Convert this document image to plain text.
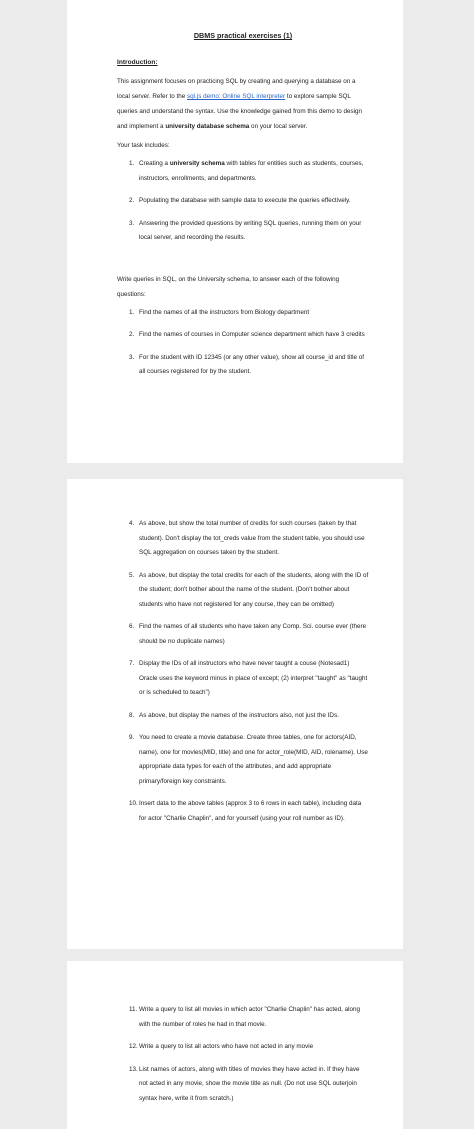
DBMS practical exercises (1)
Introduction:

This assignment focuses on practicing SQL by creating and querying a database on a local server. Refer to the sql.js demo: Online SQL interpreter to explore sample SQL queries and understand the syntax. Use the knowledge gained from this demo to design and implement a university database schema on your local server.

Your task includes:

1. Creating a university schema with tables for entities such as students, courses, instructors, enrollments, and departments.
2. Populating the database with sample data to execute the queries effectively.
3. Answering the provided questions by writing SQL queries, running them on your local server, and recording the results.

Write queries in SQL, on the University schema, to answer each of the following questions:

1. Find the names of all the instructors from Biology department
2. Find the names of courses in Computer science department which have 3 credits
3. For the student with ID 12345 (or any other value), show all course_id and title of all courses registered for by the student.
4. As above, but show the total number of credits for such courses (taken by that student). Don't display the tot_creds value from the student table, you should use SQL aggregation on courses taken by the student.
5. As above, but display the total credits for each of the students, along with the ID of the student; don't bother about the name of the student. (Don't bother about students who have not registered for any course, they can be omitted)
6. Find the names of all students who have taken any Comp. Sci. course ever (there should be no duplicate names)
7. Display the IDs of all instructors who have never taught a couse (Notesad1) Oracle uses the keyword minus in place of except; (2) interpret "taught" as "taught or is scheduled to teach")
8. As above, but display the names of the instructors also, not just the IDs.
9. You need to create a movie database. Create three tables, one for actors(AID, name), one for movies(MID, title) and one for actor_role(MID, AID, rolename). Use appropriate data types for each of the attributes, and add appropriate primary/foreign key constraints.
10. Insert data to the above tables (approx 3 to 6 rows in each table), including data for actor "Charlie Chaplin", and for yourself (using your roll number as ID).
11. Write a query to list all movies in which actor "Charlie Chaplin" has acted, along with the number of roles he had in that movie.
12. Write a query to list all actors who have not acted in any movie
13. List names of actors, along with titles of movies they have acted in. If they have not acted in any movie, show the movie title as null. (Do not use SQL outerjoin syntax here, write it from scratch.)
